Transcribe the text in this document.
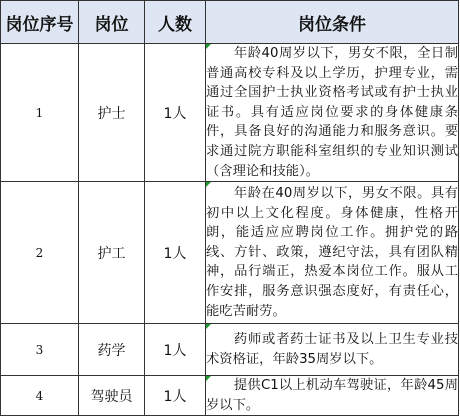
岗位序号	岗位	人数	岗位条件
1	护士	1人	年龄40周岁以下，男女不限，全日制普通高校专科及以上学历，护理专业，需通过全国护士执业资格考试或有护士执业证书。具有适应岗位要求的身体健康条件，具备良好的沟通能力和服务意识。要求通过院方职能科室组织的专业知识测试（含理论和技能）。

2	护工	1人	年龄在40周岁以下，男女不限。具有初中以上文化程度。身体健康，性格开朗，能适应应聘岗位工作。拥护党的路线、方针、政策，遵纪守法，具有团队精神，品行端正，热爱本岗位工作。服从工作安排，服务意识强态度好，有责任心，能吃苦耐劳。

3	药学	1人	药师或者药士证书及以上卫生专业技术资格证，年龄35周岁以下。

4	驾驶员	1人	提供C1以上机动车驾驶证，年龄45周岁以下。
